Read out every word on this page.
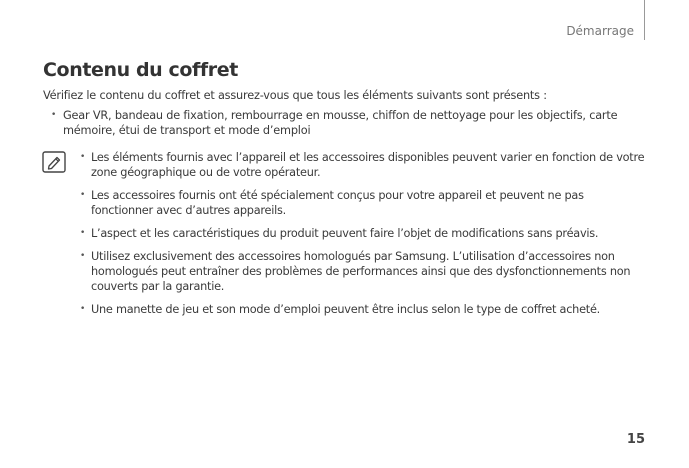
Démarrage
Contenu du coffret
Vérifiez le contenu du coffret et assurez-vous que tous les éléments suivants sont présents :
• Gear VR, bandeau de fixation, rembourrage en mousse, chiffon de nettoyage pour les objectifs, carte mémoire, étui de transport et mode d’emploi
• Les éléments fournis avec l’appareil et les accessoires disponibles peuvent varier en fonction de votre zone géographique ou de votre opérateur.
• Les accessoires fournis ont été spécialement conçus pour votre appareil et peuvent ne pas fonctionner avec d’autres appareils.
• L’aspect et les caractéristiques du produit peuvent faire l’objet de modifications sans préavis.
• Utilisez exclusivement des accessoires homologués par Samsung. L’utilisation d’accessoires non homologués peut entraîner des problèmes de performances ainsi que des dysfonctionnements non couverts par la garantie.
• Une manette de jeu et son mode d’emploi peuvent être inclus selon le type de coffret acheté.
15
